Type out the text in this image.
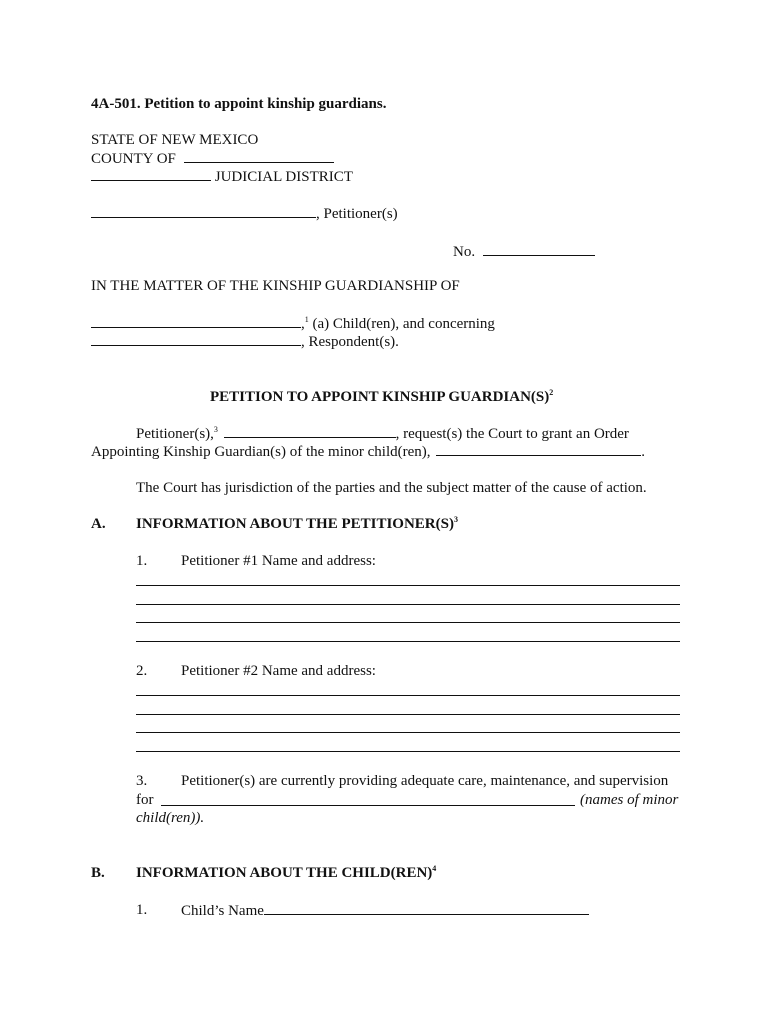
4A-501. Petition to appoint kinship guardians.
STATE OF NEW MEXICO
COUNTY OF
JUDICIAL DISTRICT
, Petitioner(s)
No.
IN THE MATTER OF THE KINSHIP GUARDIANSHIP OF
,$^1$ (a) Child(ren), and concerning
, Respondent(s).
PETITION TO APPOINT KINSHIP $GUARDIAN(S)^2$
Petitioner(s),$^3$	, request(s) the Court to grant an Order
Appointing Kinship Guardian(s) of the minor child(ren),	.
The Court has jurisdiction of the parties and the subject matter of the cause of action.
A. INFORMATION ABOUT THE $PETITIONER(S)^3$
1. Petitioner #1 Name and address:
2. Petitioner #2 Name and address:
3. Petitioner(s) are currently providing adequate care, maintenance, and supervision
for	(names of minor
child(ren)).
B. INFORMATION ABOUT THE CHILD(REN)$^4$
1. Child’s Name
